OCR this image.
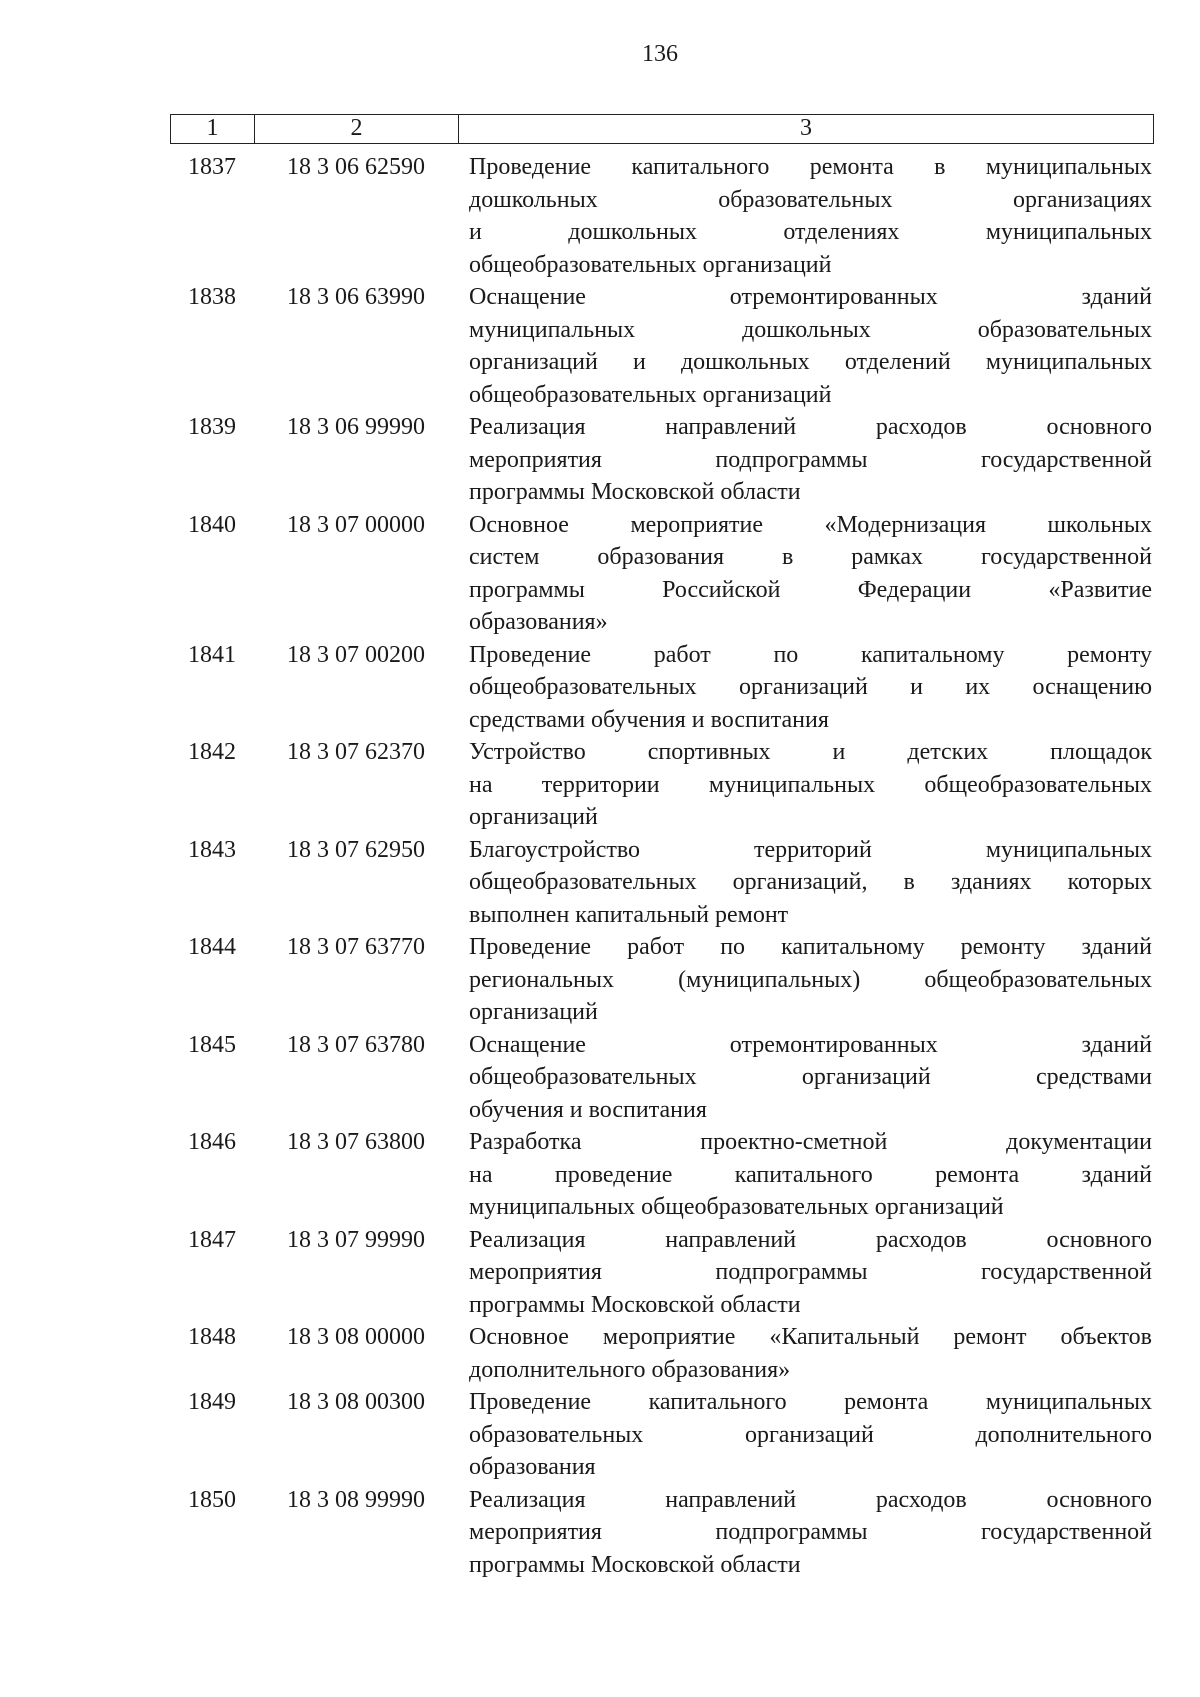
136
1	2	3
1837	18 3 06 62590	Проведение капитального ремонта в муниципальных
дошкольных образовательных организациях
и дошкольных отделениях муниципальных
общеобразовательных организаций
1838	18 3 06 63990	Оснащение отремонтированных зданий
муниципальных дошкольных образовательных
организаций и дошкольных отделений муниципальных
общеобразовательных организаций
1839	18 3 06 99990	Реализация направлений расходов основного
мероприятия подпрограммы государственной
программы Московской области
1840	18 3 07 00000	Основное мероприятие «Модернизация школьных
систем образования в рамках государственной
программы Российской Федерации «Развитие
образования»
1841	18 3 07 00200	Проведение работ по капитальному ремонту
общеобразовательных организаций и их оснащению
средствами обучения и воспитания
1842	18 3 07 62370	Устройство спортивных и детских площадок
на территории муниципальных общеобразовательных
организаций
1843	18 3 07 62950	Благоустройство территорий муниципальных
общеобразовательных организаций, в зданиях которых
выполнен капитальный ремонт
1844	18 3 07 63770	Проведение работ по капитальному ремонту зданий
региональных (муниципальных) общеобразовательных
организаций
1845	18 3 07 63780	Оснащение отремонтированных зданий
общеобразовательных организаций средствами
обучения и воспитания
1846	18 3 07 63800	Разработка проектно-сметной документации
на проведение капитального ремонта зданий
муниципальных общеобразовательных организаций
1847	18 3 07 99990	Реализация направлений расходов основного
мероприятия подпрограммы государственной
программы Московской области
1848	18 3 08 00000	Основное мероприятие «Капитальный ремонт объектов
дополнительного образования»
1849	18 3 08 00300	Проведение капитального ремонта муниципальных
образовательных организаций дополнительного
образования
1850	18 3 08 99990	Реализация направлений расходов основного
мероприятия подпрограммы государственной
программы Московской области
